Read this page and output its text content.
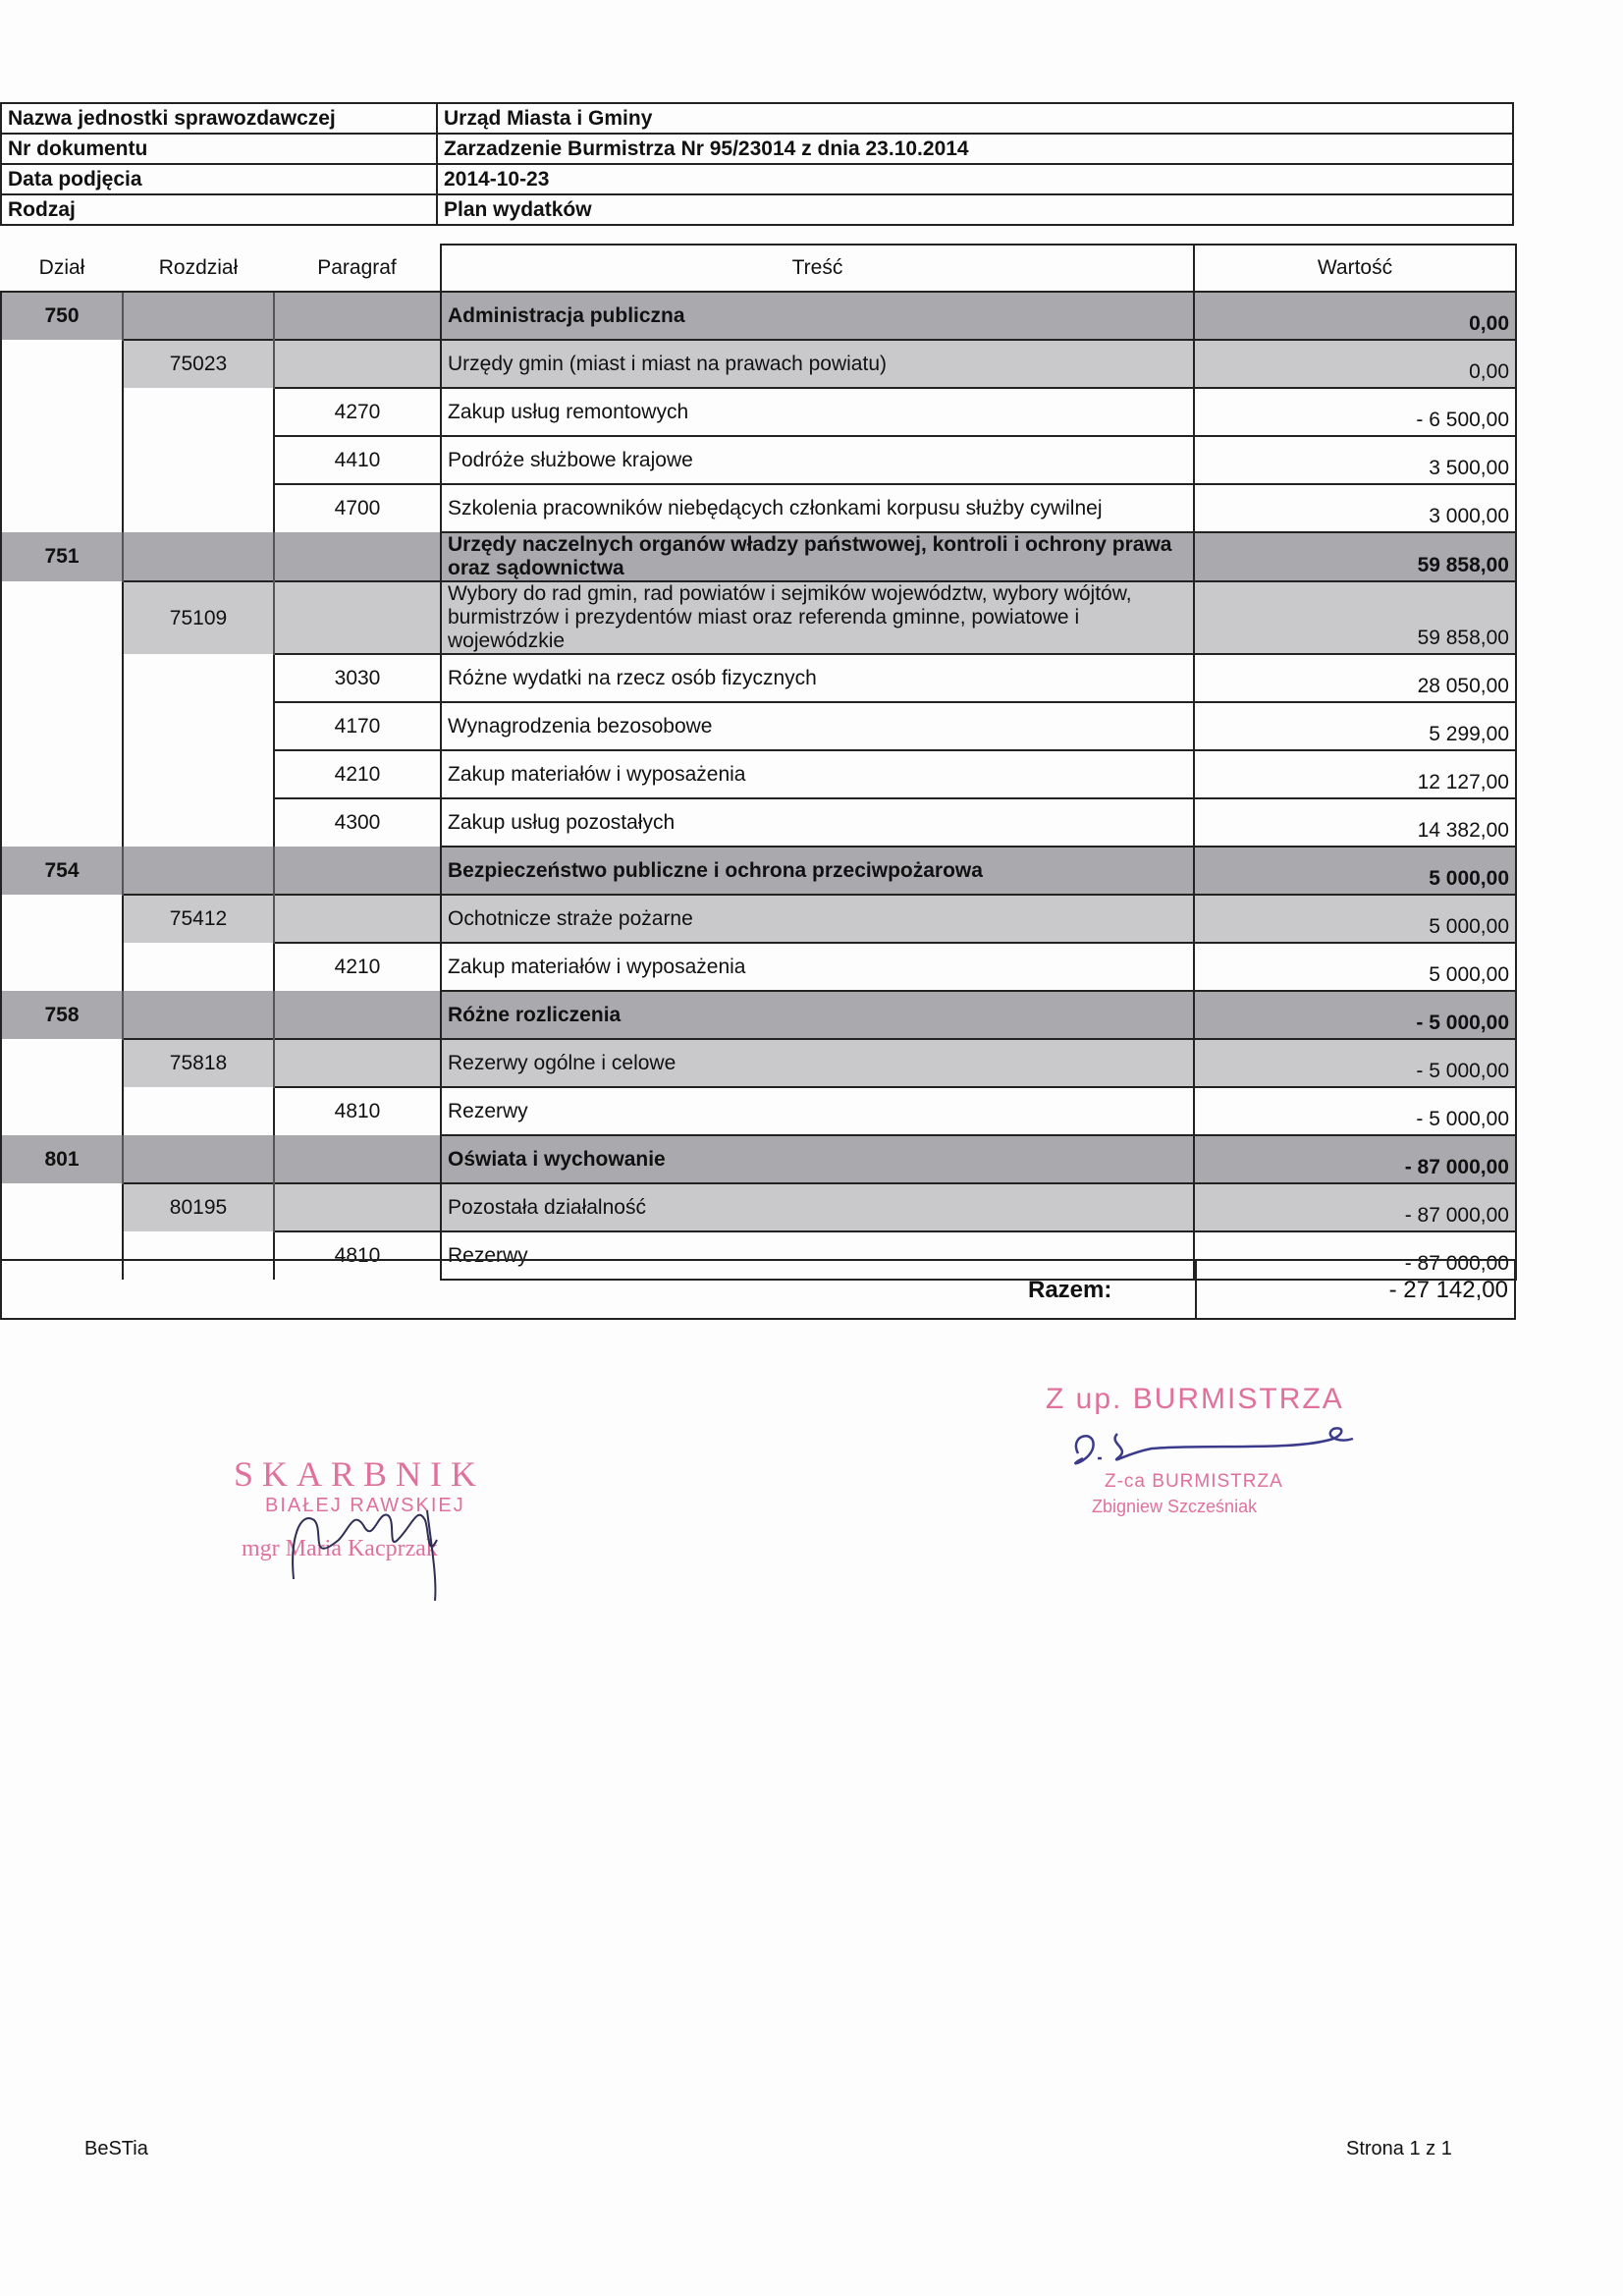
Nazwa jednostki sprawozdawczej	Urząd Miasta i Gminy
Nr dokumentu	Zarzadzenie Burmistrza Nr 95/23014 z dnia 23.10.2014
Data podjęcia	2014-10-23
Rodzaj	Plan wydatków
Dział	Rozdział	Paragraf	Treść	Wartość
750			Administracja publiczna	0,00
	75023		Urzędy gmin (miast i miast na prawach powiatu)	0,00
		4270	Zakup usług remontowych	- 6 500,00
		4410	Podróże służbowe krajowe	3 500,00
		4700	Szkolenia pracowników niebędących członkami korpusu służby cywilnej	3 000,00
751			Urzędy naczelnych organów władzy państwowej, kontroli i ochrony prawa oraz sądownictwa	59 858,00
	75109		Wybory do rad gmin, rad powiatów i sejmików województw, wybory wójtów, burmistrzów i prezydentów miast oraz referenda gminne, powiatowe i wojewódzkie	59 858,00
		3030	Różne wydatki na rzecz osób fizycznych	28 050,00
		4170	Wynagrodzenia bezosobowe	5 299,00
		4210	Zakup materiałów i wyposażenia	12 127,00
		4300	Zakup usług pozostałych	14 382,00
754			Bezpieczeństwo publiczne i ochrona przeciwpożarowa	5 000,00
	75412		Ochotnicze straże pożarne	5 000,00
		4210	Zakup materiałów i wyposażenia	5 000,00
758			Różne rozliczenia	- 5 000,00
	75818		Rezerwy ogólne i celowe	- 5 000,00
		4810	Rezerwy	- 5 000,00
801			Oświata i wychowanie	- 87 000,00
	80195		Pozostała działalność	- 87 000,00
		4810	Rezerwy	- 87 000,00
Razem:	- 27 142,00
Z up. BURMISTRZA
Z-ca BURMISTRZA
Zbigniew Szcześniak
SKARBNIK
BIAŁEJ RAWSKIEJ
mgr Maria Kacprzak
BeSTia	Strona 1 z 1
